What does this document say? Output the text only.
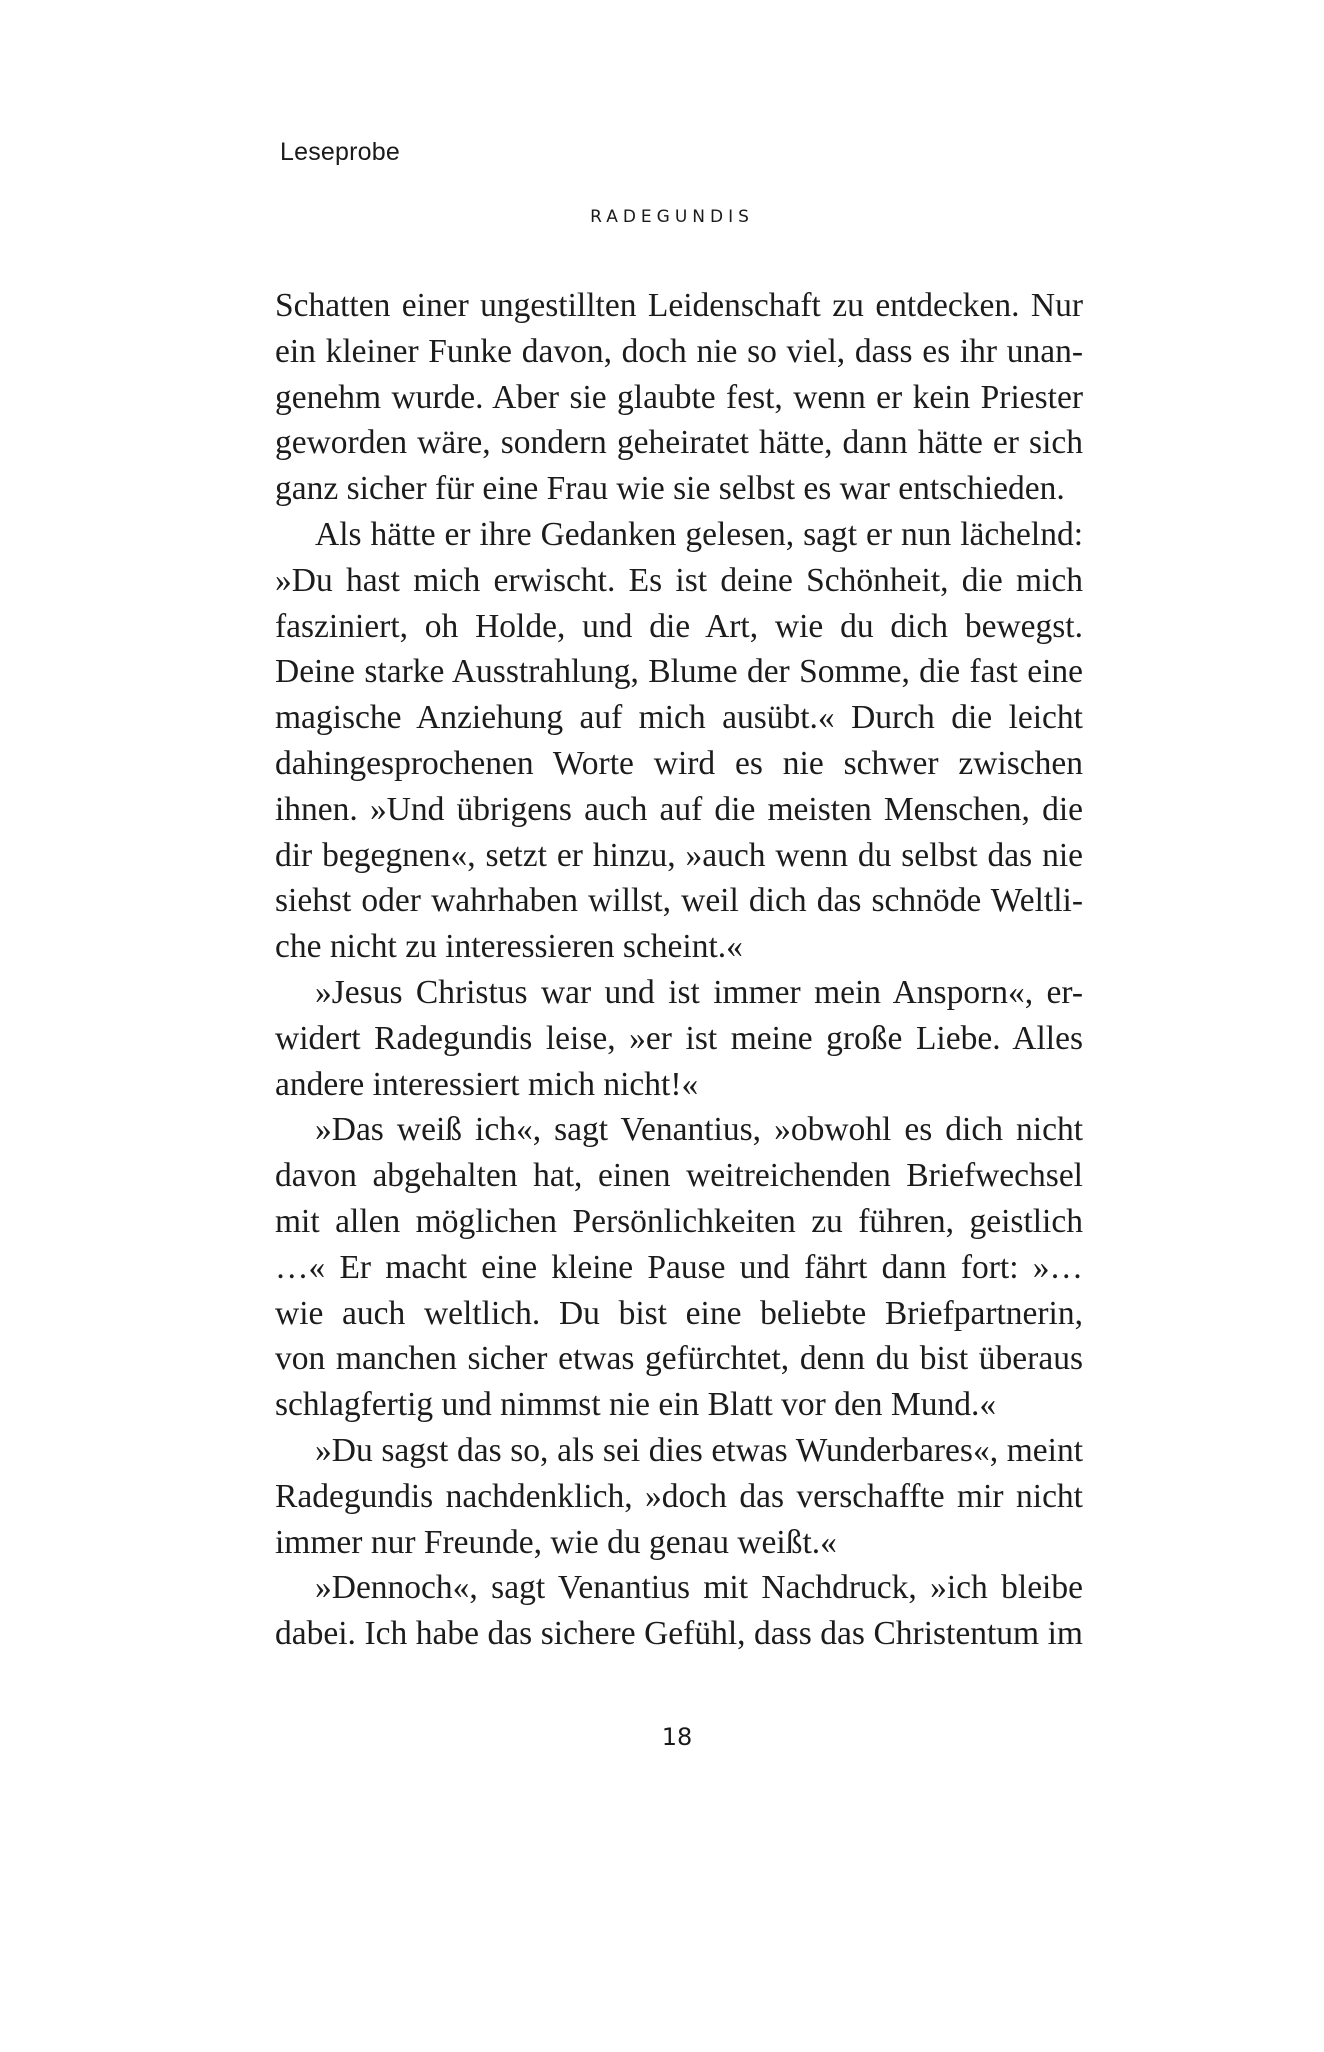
Leseprobe
RADEGUNDIS
Schatten einer ungestillten Leidenschaft zu entdecken. Nur
ein kleiner Funke davon, doch nie so viel, dass es ihr unan-
genehm wurde. Aber sie glaubte fest, wenn er kein Priester
geworden wäre, sondern geheiratet hätte, dann hätte er sich
ganz sicher für eine Frau wie sie selbst es war entschieden.
Als hätte er ihre Gedanken gelesen, sagt er nun lächelnd:
»Du hast mich erwischt. Es ist deine Schönheit, die mich
fasziniert, oh Holde, und die Art, wie du dich bewegst.
Deine starke Ausstrahlung, Blume der Somme, die fast eine
magische Anziehung auf mich ausübt.« Durch die leicht
dahingesprochenen Worte wird es nie schwer zwischen
ihnen. »Und übrigens auch auf die meisten Menschen, die
dir begegnen«, setzt er hinzu, »auch wenn du selbst das nie
siehst oder wahrhaben willst, weil dich das schnöde Weltli-
che nicht zu interessieren scheint.«
»Jesus Christus war und ist immer mein Ansporn«, er-
widert Radegundis leise, »er ist meine große Liebe. Alles
andere interessiert mich nicht!«
»Das weiß ich«, sagt Venantius, »obwohl es dich nicht
davon abgehalten hat, einen weitreichenden Briefwechsel
mit allen möglichen Persönlichkeiten zu führen, geistlich
…« Er macht eine kleine Pause und fährt dann fort: »…
wie auch weltlich. Du bist eine beliebte Briefpartnerin,
von manchen sicher etwas gefürchtet, denn du bist überaus
schlagfertig und nimmst nie ein Blatt vor den Mund.«
»Du sagst das so, als sei dies etwas Wunderbares«, meint
Radegundis nachdenklich, »doch das verschaffte mir nicht
immer nur Freunde, wie du genau weißt.«
»Dennoch«, sagt Venantius mit Nachdruck, »ich bleibe
dabei. Ich habe das sichere Gefühl, dass das Christentum im
18
